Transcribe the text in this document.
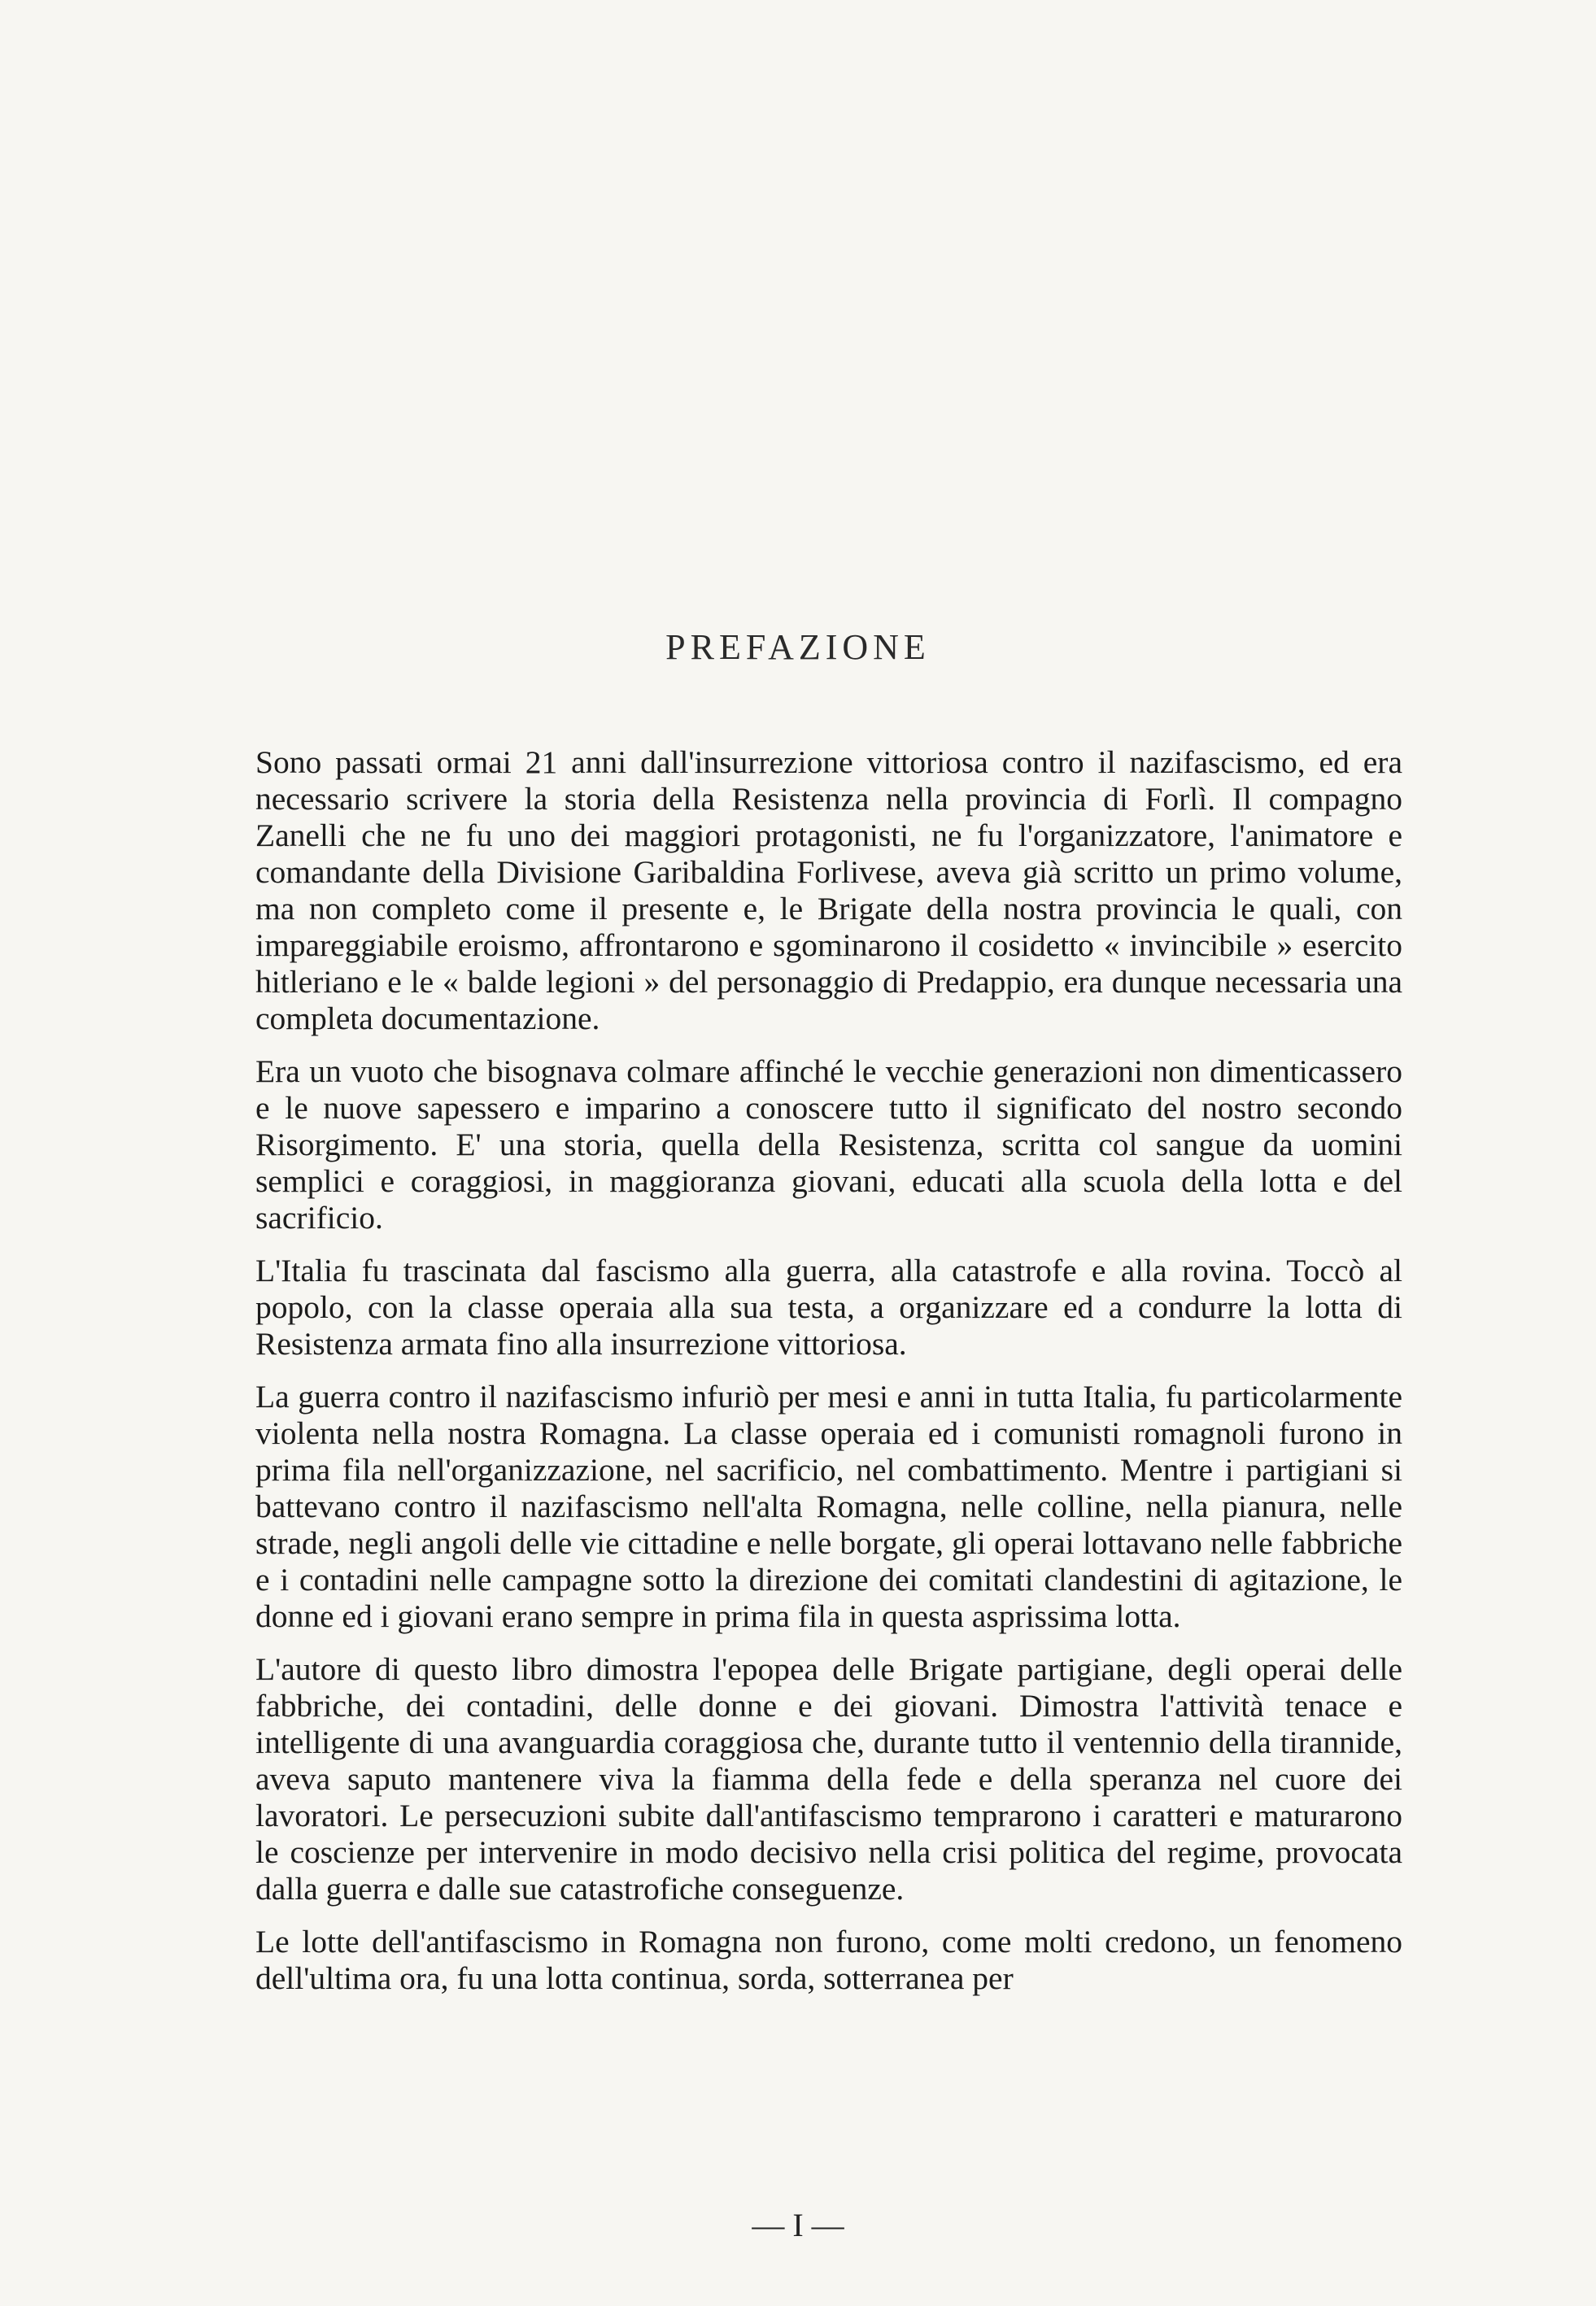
PREFAZIONE

Sono passati ormai 21 anni dall'insurrezione vittoriosa contro il nazifascismo, ed era necessario scrivere la storia della Resistenza nella provincia di Forlì. Il compagno Zanelli che ne fu uno dei maggiori protagonisti, ne fu l'organizzatore, l'animatore e comandante della Divisione Garibaldina Forlivese, aveva già scritto un primo volume, ma non completo come il presente e, le Brigate della nostra provincia le quali, con impareggiabile eroismo, affrontarono e sgominarono il cosidetto « invincibile » esercito hitleriano e le « balde legioni » del personaggio di Predappio, era dunque necessaria una completa documentazione.

Era un vuoto che bisognava colmare affinché le vecchie generazioni non dimenticassero e le nuove sapessero e imparino a conoscere tutto il significato del nostro secondo Risorgimento. E' una storia, quella della Resistenza, scritta col sangue da uomini semplici e coraggiosi, in maggioranza giovani, educati alla scuola della lotta e del sacrificio.

L'Italia fu trascinata dal fascismo alla guerra, alla catastrofe e alla rovina. Toccò al popolo, con la classe operaia alla sua testa, a organizzare ed a condurre la lotta di Resistenza armata fino alla insurrezione vittoriosa.

La guerra contro il nazifascismo infuriò per mesi e anni in tutta Italia, fu particolarmente violenta nella nostra Romagna. La classe operaia ed i comunisti romagnoli furono in prima fila nell'organizzazione, nel sacrificio, nel combattimento. Mentre i partigiani si battevano contro il nazifascismo nell'alta Romagna, nelle colline, nella pianura, nelle strade, negli angoli delle vie cittadine e nelle borgate, gli operai lottavano nelle fabbriche e i contadini nelle campagne sotto la direzione dei comitati clandestini di agitazione, le donne ed i giovani erano sempre in prima fila in questa asprissima lotta.

L'autore di questo libro dimostra l'epopea delle Brigate partigiane, degli operai delle fabbriche, dei contadini, delle donne e dei giovani. Dimostra l'attività tenace e intelligente di una avanguardia coraggiosa che, durante tutto il ventennio della tirannide, aveva saputo mantenere viva la fiamma della fede e della speranza nel cuore dei lavoratori. Le persecuzioni subite dall'antifascismo temprarono i caratteri e maturarono le coscienze per intervenire in modo decisivo nella crisi politica del regime, provocata dalla guerra e dalle sue catastrofiche conseguenze.

Le lotte dell'antifascismo in Romagna non furono, come molti credono, un fenomeno dell'ultima ora, fu una lotta continua, sorda, sotterranea per

— I —
